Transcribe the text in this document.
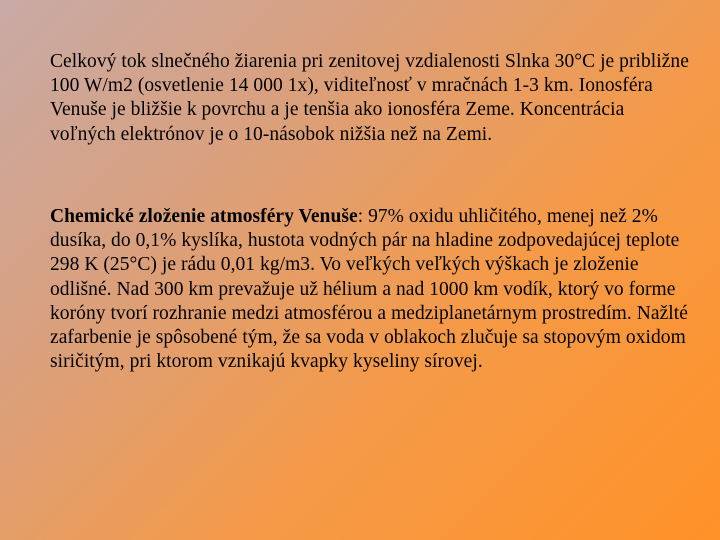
Celkový tok slnečného žiarenia pri zenitovej vzdialenosti Slnka 30°C je približne 100 W/m2 (osvetlenie 14 000 1x), viditeľnosť v mračnách 1-3 km. Ionosféra Venuše je bližšie k povrchu a je tenšia ako ionosféra Zeme. Koncentrácia voľných elektrónov je o 10-násobok nižšia než na Zemi.

Chemické zloženie atmosféry Venuše: 97% oxidu uhličitého, menej než 2% dusíka, do 0,1% kyslíka, hustota vodných pár na hladine zodpovedajúcej teplote 298 K (25°C) je rádu 0,01 kg/m3. Vo veľkých veľkých výškach je zloženie odlišné. Nad 300 km prevažuje už hélium a nad 1000 km vodík, ktorý vo forme koróny tvorí rozhranie medzi atmosférou a medziplanetárnym prostredím. Nažlté zafarbenie je spôsobené tým, že sa voda v oblakoch zlučuje sa stopovým oxidom siričitým, pri ktorom vznikajú kvapky kyseliny sírovej.
